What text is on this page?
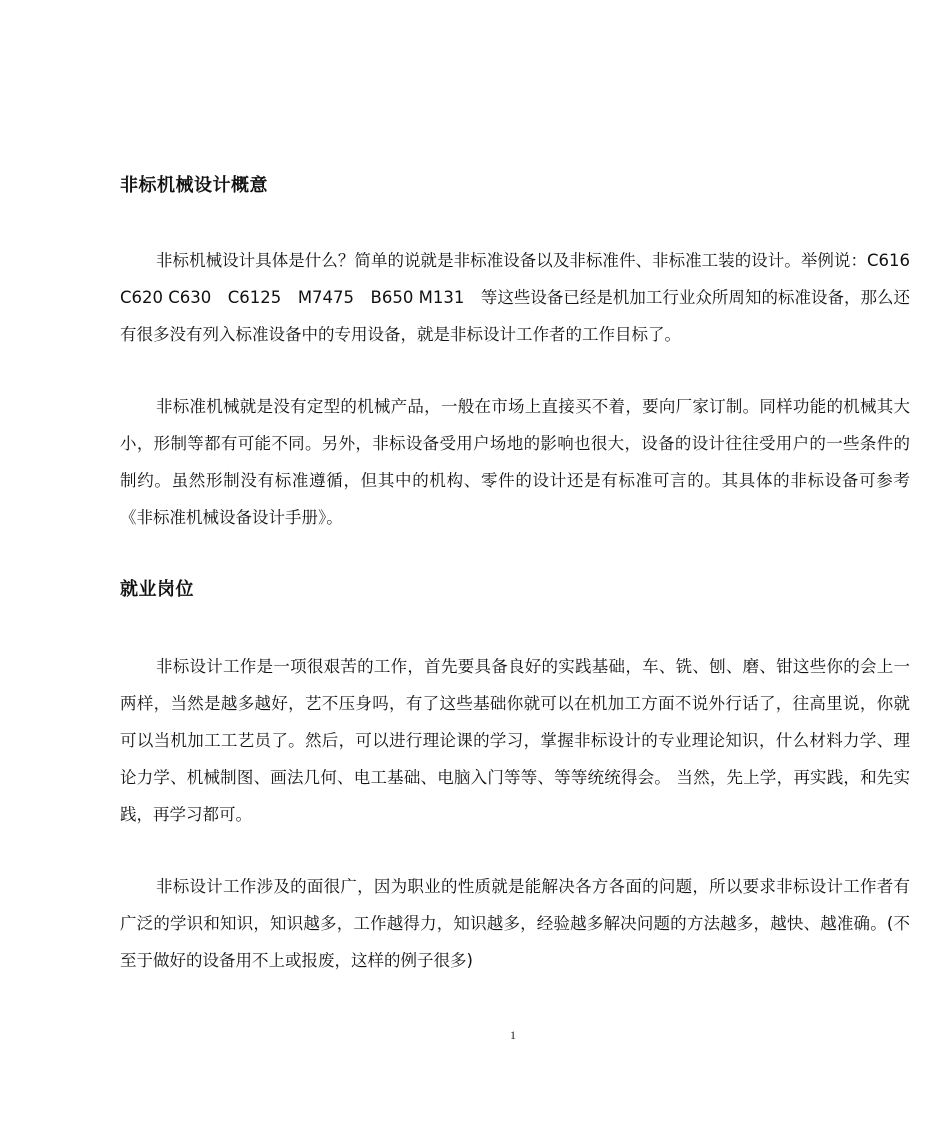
非标机械设计概意

非标机械设计具体是什么？简单的说就是非标准设备以及非标准件、非标准工装的设计。举例说：C616 C620 C630　C6125　M7475　B650 M131　等这些设备已经是机加工行业众所周知的标准设备，那么还有很多没有列入标准设备中的专用设备，就是非标设计工作者的工作目标了。

非标准机械就是没有定型的机械产品，一般在市场上直接买不着，要向厂家订制。同样功能的机械其大小，形制等都有可能不同。另外，非标设备受用户场地的影响也很大，设备的设计往往受用户的一些条件的制约。虽然形制没有标准遵循，但其中的机构、零件的设计还是有标准可言的。其具体的非标设备可参考《非标准机械设备设计手册》。

就业岗位

非标设计工作是一项很艰苦的工作，首先要具备良好的实践基础，车、铣、刨、磨、钳这些你的会上一两样，当然是越多越好，艺不压身吗，有了这些基础你就可以在机加工方面不说外行话了，往高里说，你就可以当机加工工艺员了。然后，可以进行理论课的学习，掌握非标设计的专业理论知识，什么材料力学、理论力学、机械制图、画法几何、电工基础、电脑入门等等、等等统统得会。 当然，先上学，再实践，和先实践，再学习都可。

非标设计工作涉及的面很广，因为职业的性质就是能解决各方各面的问题，所以要求非标设计工作者有广泛的学识和知识，知识越多，工作越得力，知识越多，经验越多解决问题的方法越多，越快、越准确。(不至于做好的设备用不上或报废，这样的例子很多)

1
